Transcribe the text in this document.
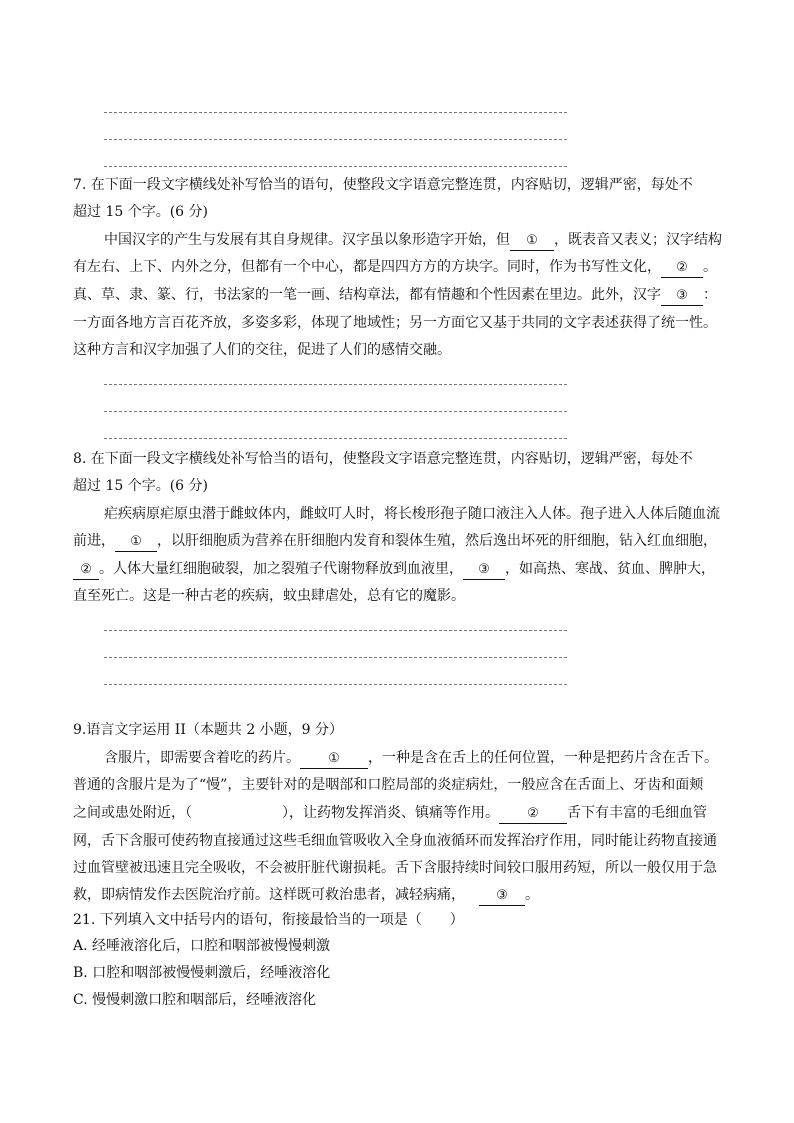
7. 在下面一段文字横线处补写恰当的语句，使整段文字语意完整连贯，内容贴切，逻辑严密，每处不
超过 15 个字。(6 分)
中国汉字的产生与发展有其自身规律。汉字虽以象形造字开始，但 ① ，既表音又表义；汉字结构
有左右、上下、内外之分，但都有一个中心，都是四四方方的方块字。同时，作为书写性文化， ② 。
真、草、隶、篆、行，书法家的一笔一画、结构章法，都有情趣和个性因素在里边。此外，汉字 ③ ：
一方面各地方言百花齐放，多姿多彩，体现了地域性；另一方面它又基于共同的文字表述获得了统一性。
这种方言和汉字加强了人们的交往，促进了人们的感情交融。
8. 在下面一段文字横线处补写恰当的语句，使整段文字语意完整连贯，内容贴切，逻辑严密，每处不
超过 15 个字。(6 分)
疟疾病原疟原虫潜于雌蚊体内，雌蚊叮人时，将长梭形孢子随口液注入人体。孢子进入人体后随血流
前进， ① ，以肝细胞质为营养在肝细胞内发育和裂体生殖，然后逸出坏死的肝细胞，钻入红血细胞，
② 。人体大量红细胞破裂，加之裂殖子代谢物释放到血液里， ③ ，如高热、寒战、贫血、脾肿大，
直至死亡。这是一种古老的疾病，蚊虫肆虐处，总有它的魔影。
9.语言文字运用 II（本题共 2 小题，9 分）
含服片，即需要含着吃的药片。 ① ，一种是含在舌上的任何位置，一种是把药片含在舌下。
普通的含服片是为了“慢”，主要针对的是咽部和口腔局部的炎症病灶，一般应含在舌面上、牙齿和面颊
之间或患处附近，（	），让药物发挥消炎、镇痛等作用。 ② 舌下有丰富的毛细血管
网，舌下含服可使药物直接通过这些毛细血管吸收入全身血液循环而发挥治疗作用，同时能让药物直接通
过血管壁被迅速且完全吸收，不会被肝脏代谢损耗。舌下含服持续时间较口服用药短，所以一般仅用于急
救，即病情发作去医院治疗前。这样既可救治患者，减轻病痛， ③ 。
21. 下列填入文中括号内的语句，衔接最恰当的一项是（　　）
A. 经唾液溶化后，口腔和咽部被慢慢刺激
B. 口腔和咽部被慢慢刺激后，经唾液溶化
C. 慢慢刺激口腔和咽部后，经唾液溶化
